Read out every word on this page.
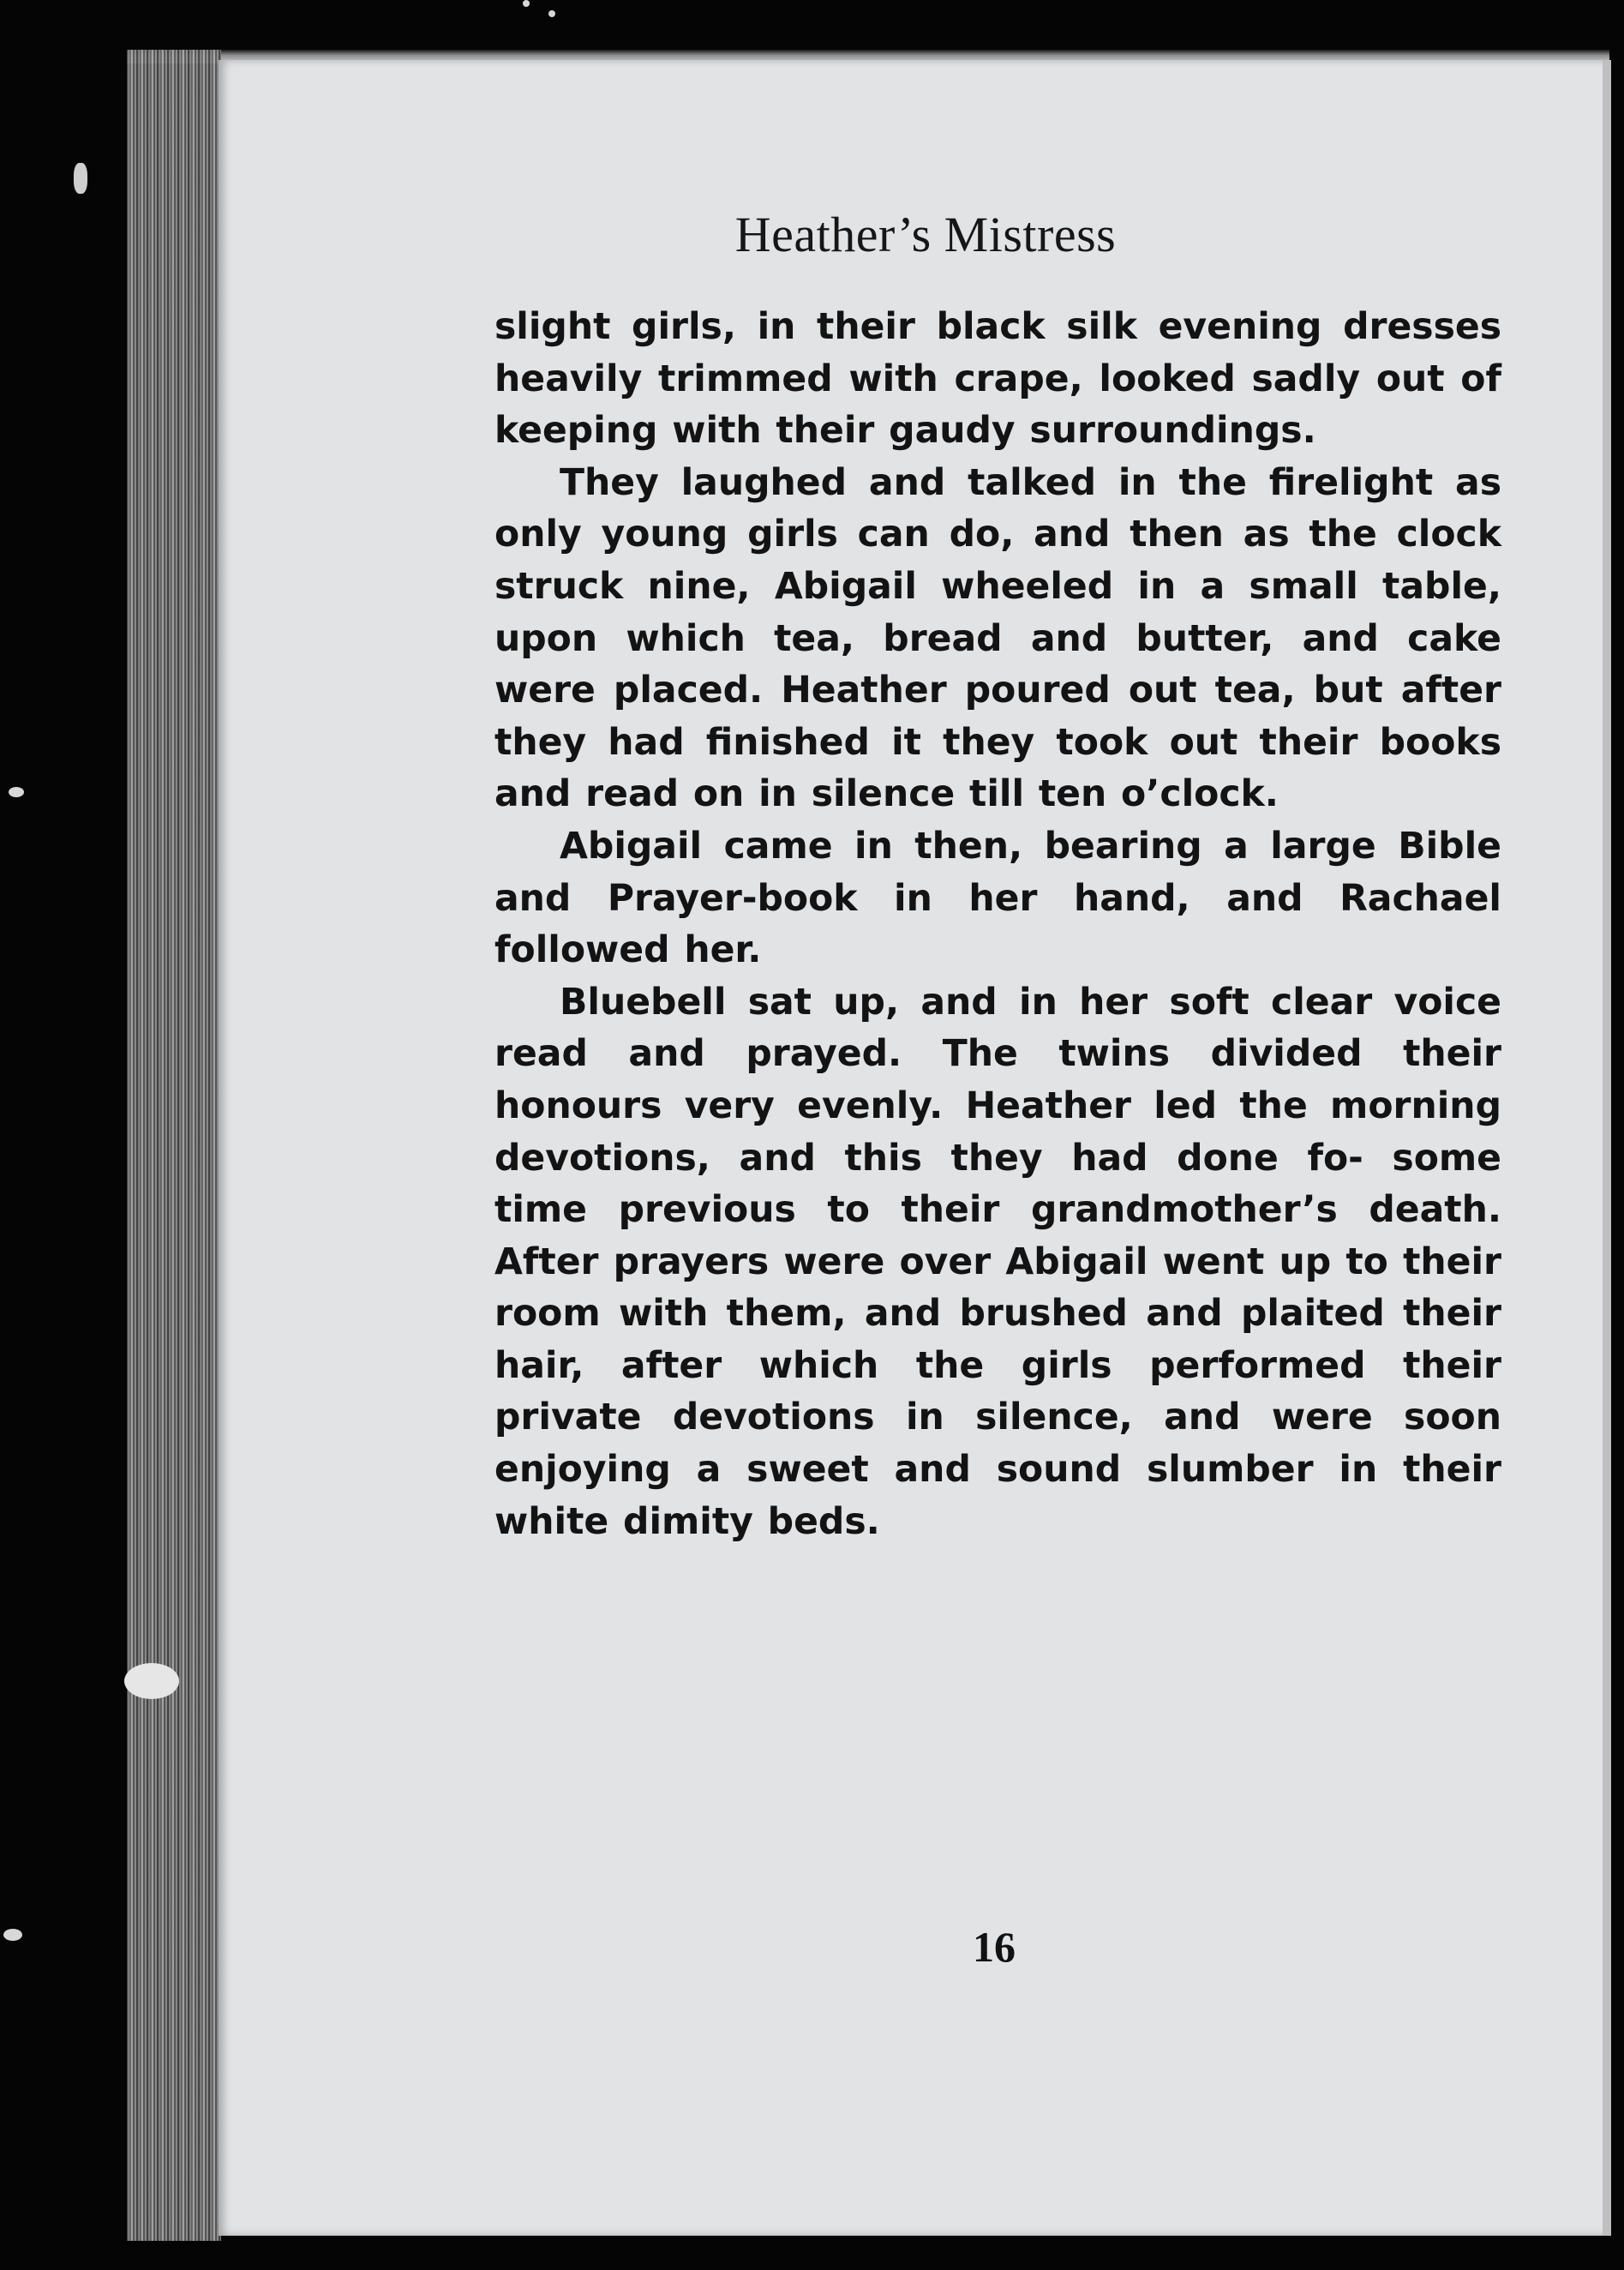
Heather’s Mistress

slight girls, in their black silk evening dresses heavily trimmed with crape, looked sadly out of keeping with their gaudy surroundings.

They laughed and talked in the firelight as only young girls can do, and then as the clock struck nine, Abigail wheeled in a small table, upon which tea, bread and butter, and cake were placed. Heather poured out tea, but after they had finished it they took out their books and read on in silence till ten o’clock.

Abigail came in then, bearing a large Bible and Prayer-book in her hand, and Rachael followed her.

Bluebell sat up, and in her soft clear voice read and prayed. The twins divided their honours very evenly. Heather led the morning devotions, and this they had done fo- some time previous to their grandmother’s death. After prayers were over Abigail went up to their room with them, and brushed and plaited their hair, after which the girls performed their private devotions in silence, and were soon enjoying a sweet and sound slumber in their white dimity beds.

16
